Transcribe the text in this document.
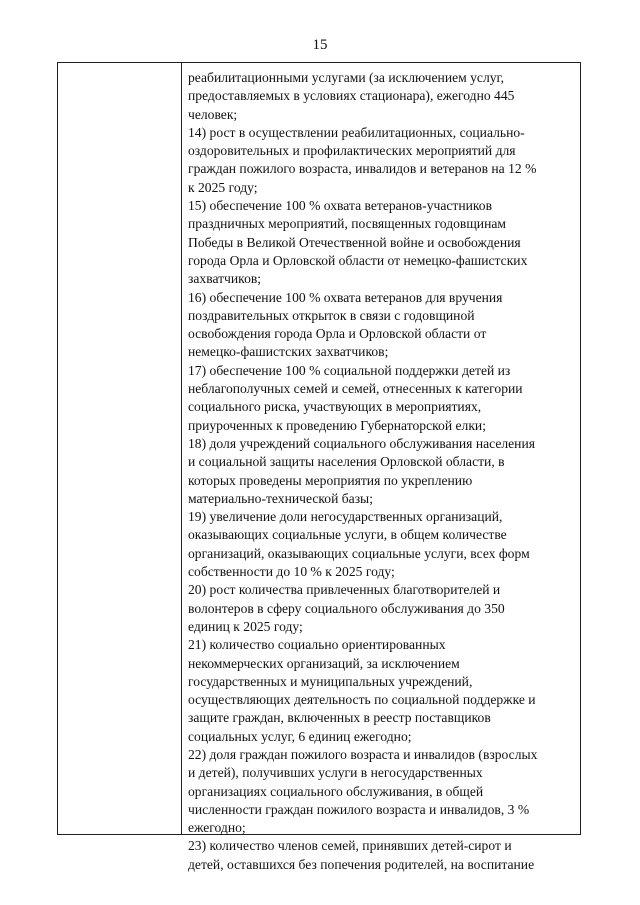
15
реабилитационными услугами (за исключением услуг,
предоставляемых в условиях стационара), ежегодно 445
человек;
14) рост в осуществлении реабилитационных, социально-
оздоровительных и профилактических мероприятий для
граждан пожилого возраста, инвалидов и ветеранов на 12 %
к 2025 году;
15) обеспечение 100 % охвата ветеранов-участников
праздничных мероприятий, посвященных годовщинам
Победы в Великой Отечественной войне и освобождения
города Орла и Орловской области от немецко-фашистских
захватчиков;
16) обеспечение 100 % охвата ветеранов для вручения
поздравительных открыток в связи с годовщиной
освобождения города Орла и Орловской области от
немецко-фашистских захватчиков;
17) обеспечение 100 % социальной поддержки детей из
неблагополучных семей и семей, отнесенных к категории
социального риска, участвующих в мероприятиях,
приуроченных к проведению Губернаторской елки;
18) доля учреждений социального обслуживания населения
и социальной защиты населения Орловской области, в
которых проведены мероприятия по укреплению
материально-технической базы;
19) увеличение доли негосударственных организаций,
оказывающих социальные услуги, в общем количестве
организаций, оказывающих социальные услуги, всех форм
собственности до 10 % к 2025 году;
20) рост количества привлеченных благотворителей и
волонтеров в сферу социального обслуживания до 350
единиц к 2025 году;
21) количество социально ориентированных
некоммерческих организаций, за исключением
государственных и муниципальных учреждений,
осуществляющих деятельность по социальной поддержке и
защите граждан, включенных в реестр поставщиков
социальных услуг, 6 единиц ежегодно;
22) доля граждан пожилого возраста и инвалидов (взрослых
и детей), получивших услуги в негосударственных
организациях социального обслуживания, в общей
численности граждан пожилого возраста и инвалидов, 3 %
ежегодно;
23) количество членов семей, принявших детей-сирот и
детей, оставшихся без попечения родителей, на воспитание
